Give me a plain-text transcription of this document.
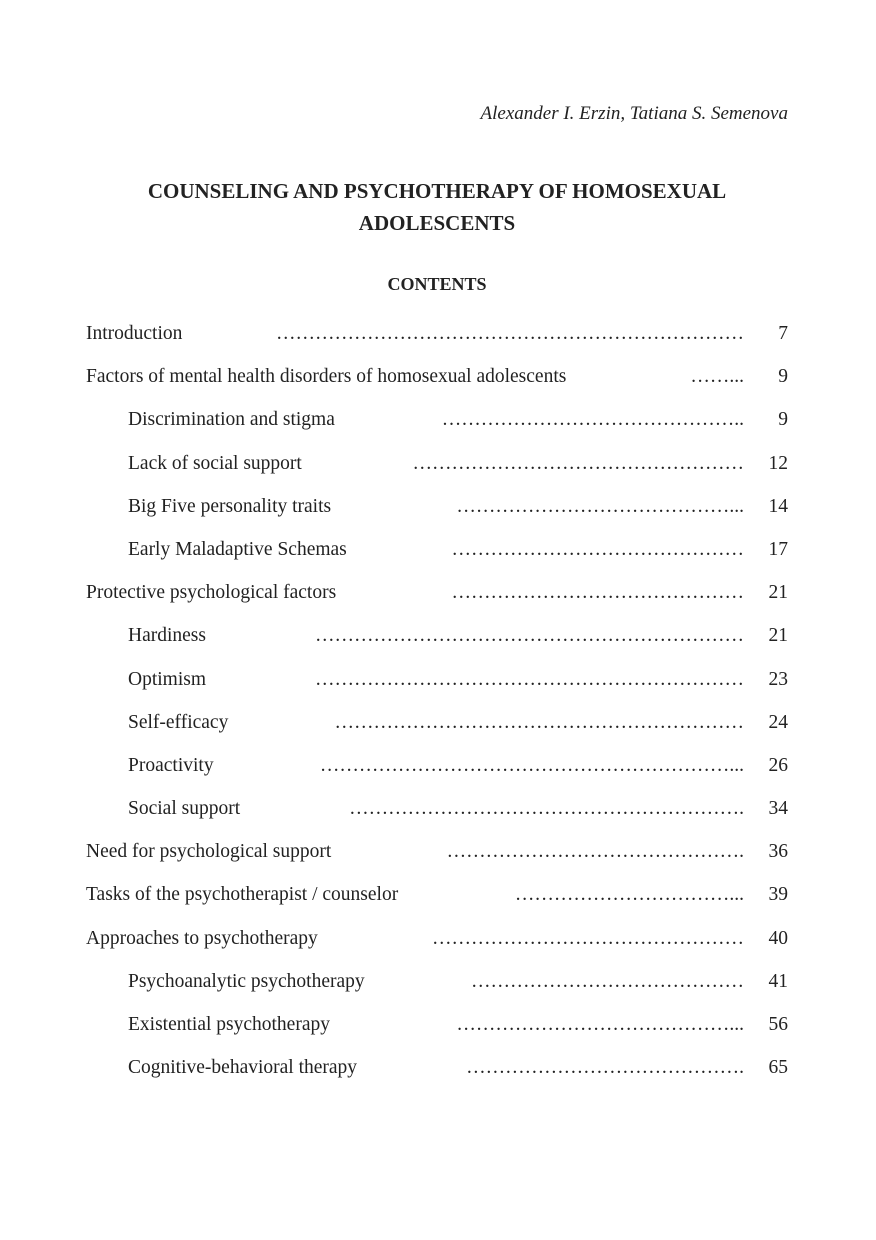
Alexander I. Erzin, Tatiana S. Semenova
COUNSELING AND PSYCHOTHERAPY OF HOMOSEXUAL
ADOLESCENTS
CONTENTS
Introduction	……………………………………………………………… 7
Factors of mental health disorders of homosexual adolescents	……... 9
Discrimination and stigma	……………………………………….. 9
Lack of social support	…………………………………………… 12
Big Five personality traits	……………………………………... 14
Early Maladaptive Schemas	……………………………………… 17
Protective psychological factors	……………………………………… 21
Hardiness	………………………………………………………… 21
Optimism	………………………………………………………… 23
Self-efficacy	……………………………………………………… 24
Proactivity	………………………………………………………... 26
Social support	……………………………………………………. 34
Need for psychological support	………………………………………. 36
Tasks of the psychotherapist / counselor	……………………………... 39
Approaches to psychotherapy	………………………………………… 40
Psychoanalytic psychotherapy	…………………………………… 41
Existential psychotherapy	……………………………………... 56
Cognitive-behavioral therapy	……………………………………. 65
